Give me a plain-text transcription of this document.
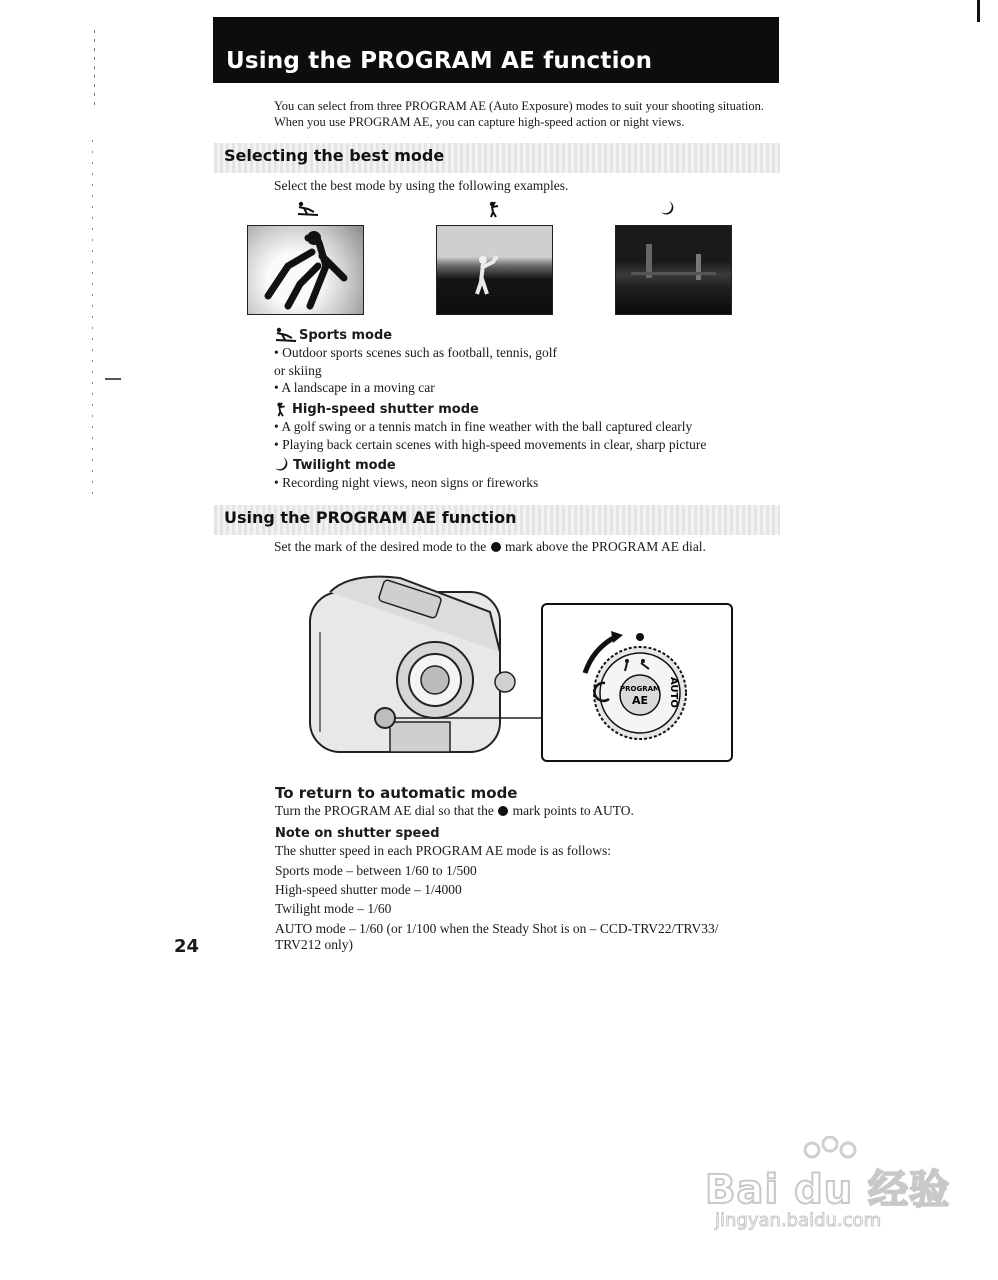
Using the PROGRAM AE function
You can select from three PROGRAM AE (Auto Exposure) modes to suit your shooting situation. When you use PROGRAM AE, you can capture high-speed action or night views.
Selecting the best mode
Select the best mode by using the following examples.
Sports mode
• Outdoor sports scenes such as football, tennis, golf or skiing
• A landscape in a moving car
High-speed shutter mode
• A golf swing or a tennis match in fine weather with the ball captured clearly
• Playing back certain scenes with high-speed movements in clear, sharp picture
Twilight mode
• Recording night views, neon signs or fireworks
Using the PROGRAM AE function
Set the mark of the desired mode to the mark above the PROGRAM AE dial.
PROGRAM
AE AUTO
To return to automatic mode
Turn the PROGRAM AE dial so that the mark points to AUTO.
Note on shutter speed
The shutter speed in each PROGRAM AE mode is as follows:
Sports mode – between 1/60 to 1/500
High-speed shutter mode – 1/4000
Twilight mode – 1/60
AUTO mode – 1/60 (or 1/100 when the Steady Shot is on – CCD-TRV22/TRV33/
TRV212 only)
24
Bai du 经验
jingyan.baidu.com
